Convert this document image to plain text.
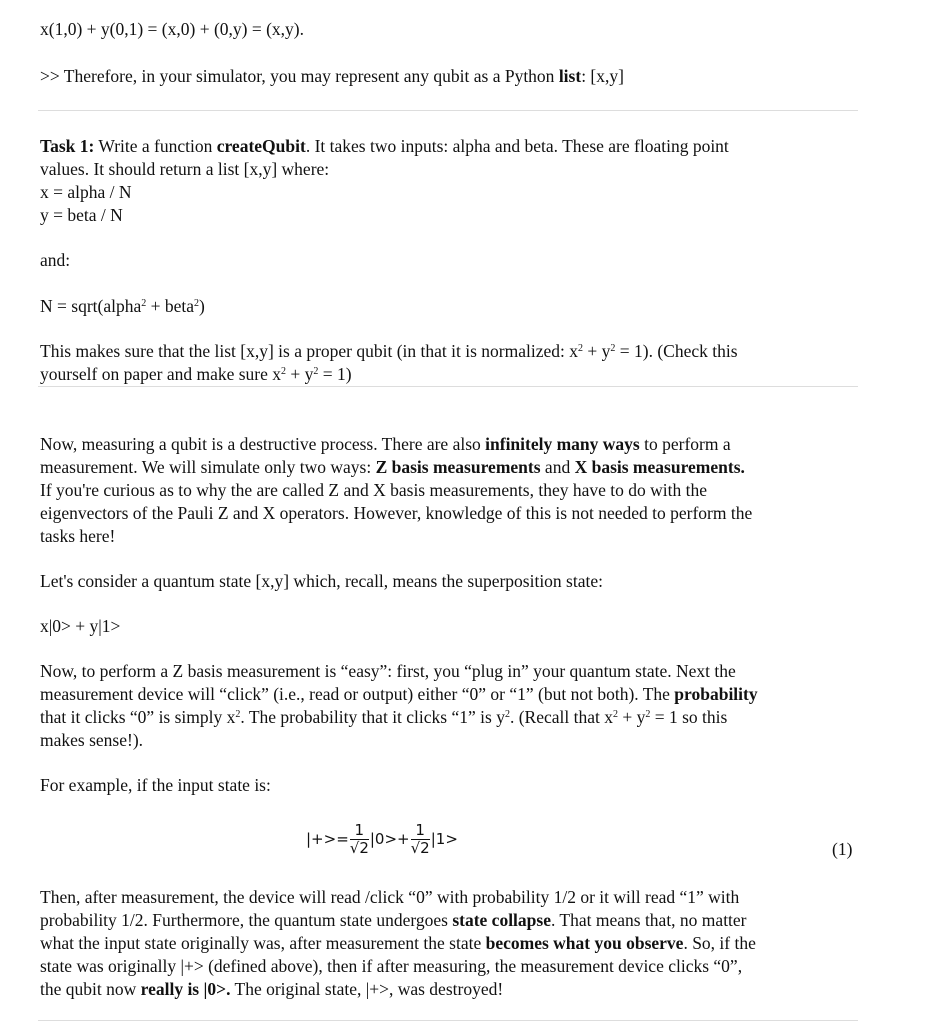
x(1,0) + y(0,1) = (x,0) + (0,y) = (x,y).
>> Therefore, in your simulator, you may represent any qubit as a Python list: [x,y]
Task 1: Write a function createQubit. It takes two inputs: alpha and beta. These are floating point
values. It should return a list [x,y] where:
x = alpha / N
y = beta / N
and:
N = sqrt(alpha$^2$ + beta$^2$)
This makes sure that the list [x,y] is a proper qubit (in that it is normalized: $x^2 + y^2 = 1$). (Check this
yourself on paper and make sure $x^2 + y^2 = 1$)
Now, measuring a qubit is a destructive process. There are also infinitely many ways to perform a
measurement. We will simulate only two ways: Z basis measurements and X basis measurements.
If you're curious as to why the are called Z and X basis measurements, they have to do with the
eigenvectors of the Pauli Z and X operators. However, knowledge of this is not needed to perform the
tasks here!
Let's consider a quantum state [x,y] which, recall, means the superposition state:
x|0> + y|1>
Now, to perform a Z basis measurement is “easy”: first, you “plug in” your quantum state. Next the
measurement device will “click” (i.e., read or output) either “0” or “1” (but not both). The probability
that it clicks “0” is simply $x^2$. The probability that it clicks “1” is $y^2$. (Recall that $x^2 + y^2 = 1$ so this
makes sense!).
For example, if the input state is:
|+>= $\frac{1}{√2} |0>+ \frac{1}{√2} |1>$	(1)
Then, after measurement, the device will read /click “0” with probability 1/2 or it will read “1” with
probability 1/2. Furthermore, the quantum state undergoes state collapse. That means that, no matter
what the input state originally was, after measurement the state becomes what you observe. So, if the
state was originally |+> (defined above), then if after measuring, the measurement device clicks “0”,
the qubit now really is |0>. The original state, |+>, was destroyed!
